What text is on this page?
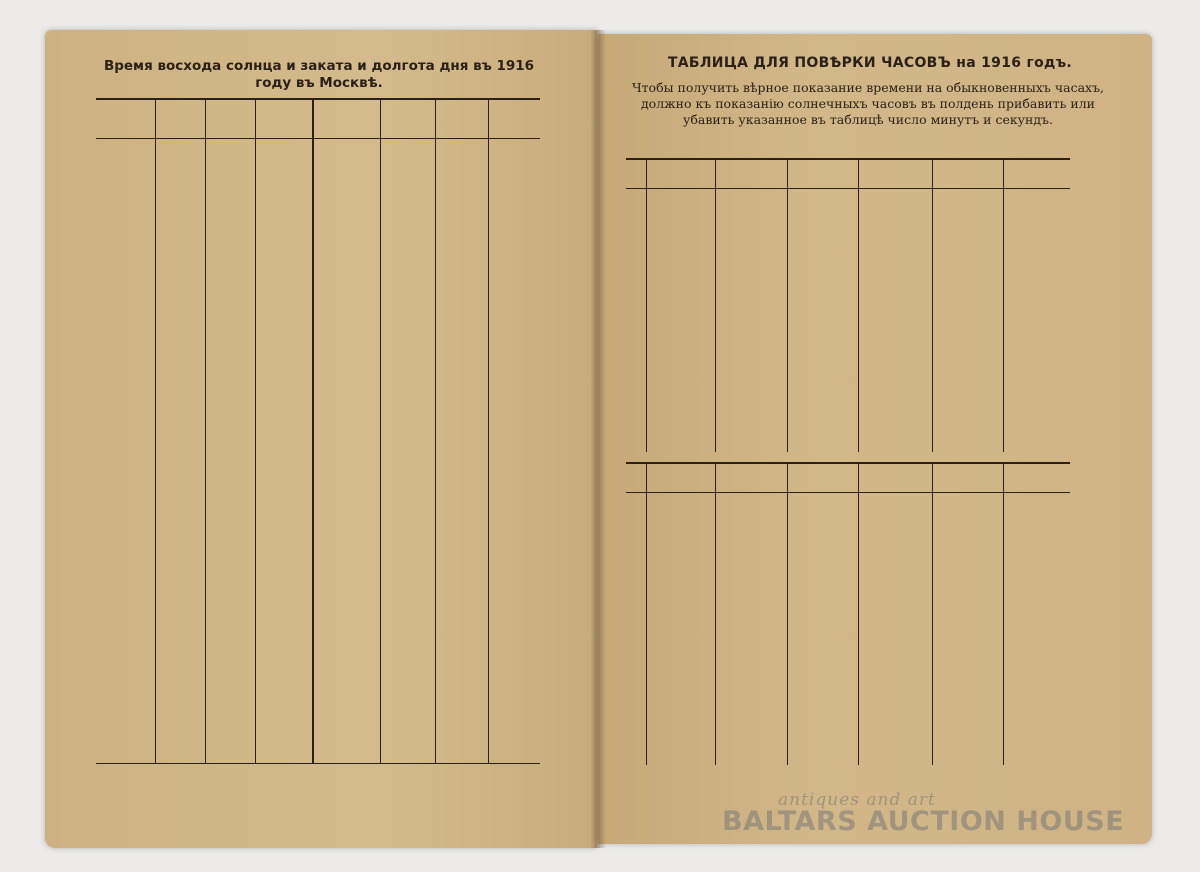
Время восхода солнца и заката и долгота дня въ 1916 году въ Москвѣ.
ТАБЛИЦА ДЛЯ ПОВѢРКИ ЧАСОВЪ на 1916 годъ.
Чтобы получить вѣрное показание времени на обыкновенныхъ часахъ, должно къ показанію солнечныхъ часовъ въ полдень прибавить или убавить указанное въ таблицѣ число минутъ и секундъ.
antiques and art
BALTARS AUCTION HOUSE
